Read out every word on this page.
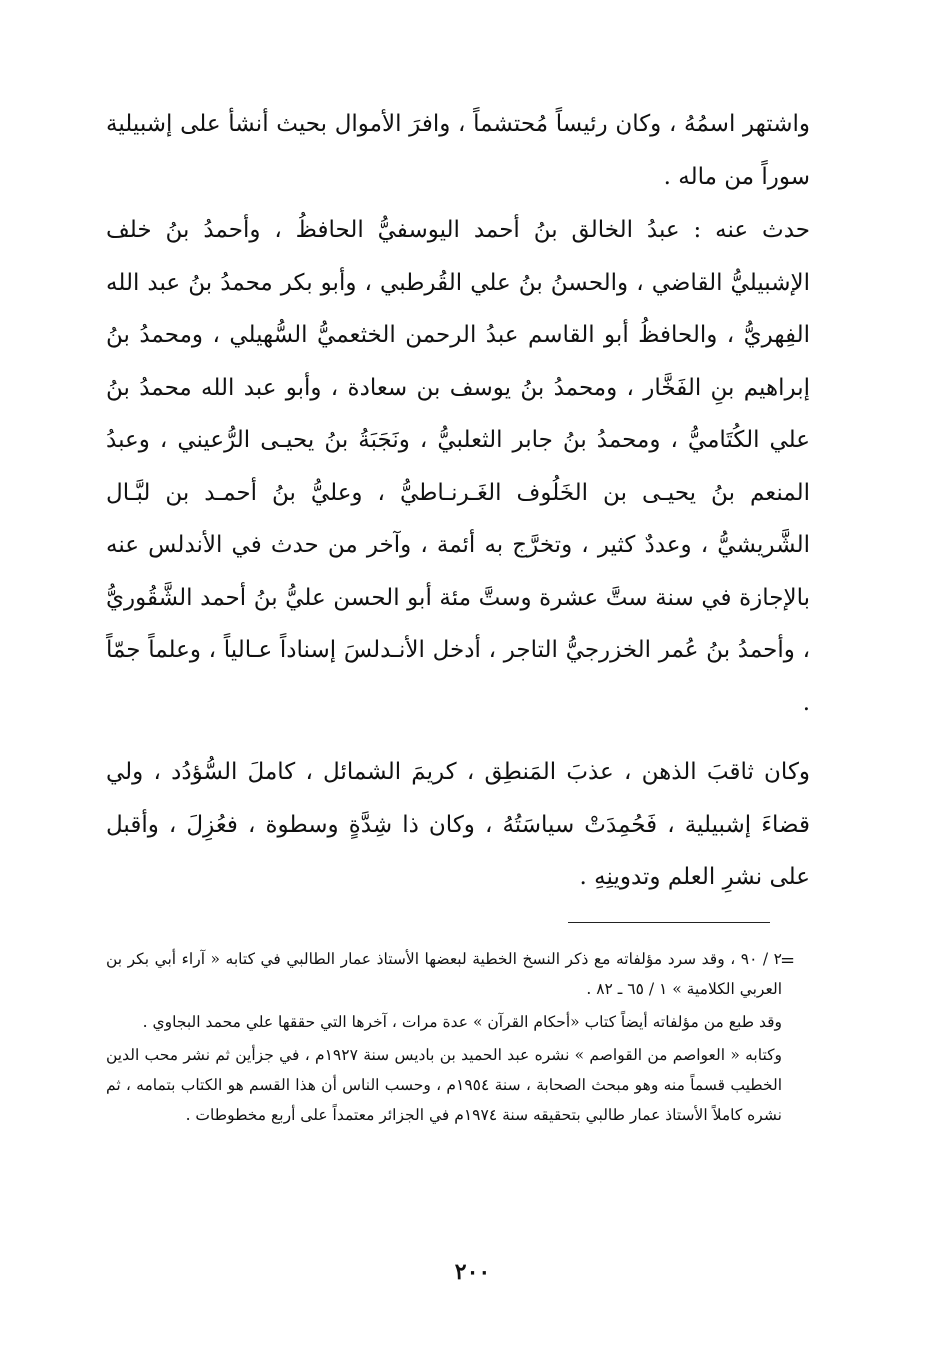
واشتهر اسمُهُ ، وكان رئيساً مُحتشماً ، وافرَ الأموال بحيث أنشأ على إشبيلية سوراً من ماله .

حدث عنه : عبدُ الخالق بنُ أحمد اليوسفيُّ الحافظُ ، وأحمدُ بنُ خلف الإشبيليُّ القاضي ، والحسنُ بنُ علي القُرطبي ، وأبو بكر محمدُ بنُ عبد الله الفِهريُّ ، والحافظُ أبو القاسم عبدُ الرحمن الخثعميُّ السُّهيلي ، ومحمدُ بنُ إبراهيم بنِ الفَخَّار ، ومحمدُ بنُ يوسف بن سعادة ، وأبو عبد الله محمدُ بنُ علي الكُتَاميُّ ، ومحمدُ بنُ جابر الثعلبيُّ ، ونَجَبَةُ بنُ يحيـى الرُّعيني ، وعبدُ المنعم بنُ يحيـى بن الخَلُوف الغَـرنـاطيُّ ، وعليُّ بنُ أحمـد بن لبَّـال الشَّريشيُّ ، وعددٌ كثير ، وتخرَّج به أئمة ، وآخر من حدث في الأندلس عنه بالإجازة في سنة ستَّ عشرة وستَّ مئة أبو الحسن عليُّ بنُ أحمد الشَّقُوريُّ ، وأحمدُ بنُ عُمر الخزرجيُّ التاجر ، أدخل الأنـدلسَ إسناداً عـالياً ، وعلماً جمّاً .

وكان ثاقبَ الذهن ، عذبَ المَنطِق ، كريمَ الشمائل ، كاملَ السُّؤدُد ، ولي قضاءَ إشبيلية ، فَحُمِدَتْ سياسَتُهُ ، وكان ذا شِدَّةٍ وسطوة ، فعُزِلَ ، وأقبل على نشرِ العلم وتدوينِهِ .

=

٢ / ٩٠ ، وقد سرد مؤلفاته مع ذكر النسخ الخطية لبعضها الأستاذ عمار الطالبي في كتابه « آراء أبي بكر بن العربي الكلامية » ١ / ٦٥ ـ ٨٢ .

وقد طبع من مؤلفاته أيضاً كتاب «أحكام القرآن » عدة مرات ، آخرها التي حققها علي محمد البجاوي .

وكتابه « العواصم من القواصم » نشره عبد الحميد بن باديس سنة ١٩٢٧م ، في جزأين ثم نشر محب الدين الخطيب قسماً منه وهو مبحث الصحابة ، سنة ١٩٥٤م ، وحسب الناس أن هذا القسم هو الكتاب بتمامه ، ثم نشره كاملاً الأستاذ عمار طالبي بتحقيقه سنة ١٩٧٤م في الجزائر معتمداً على أربع مخطوطات .

٢٠٠
